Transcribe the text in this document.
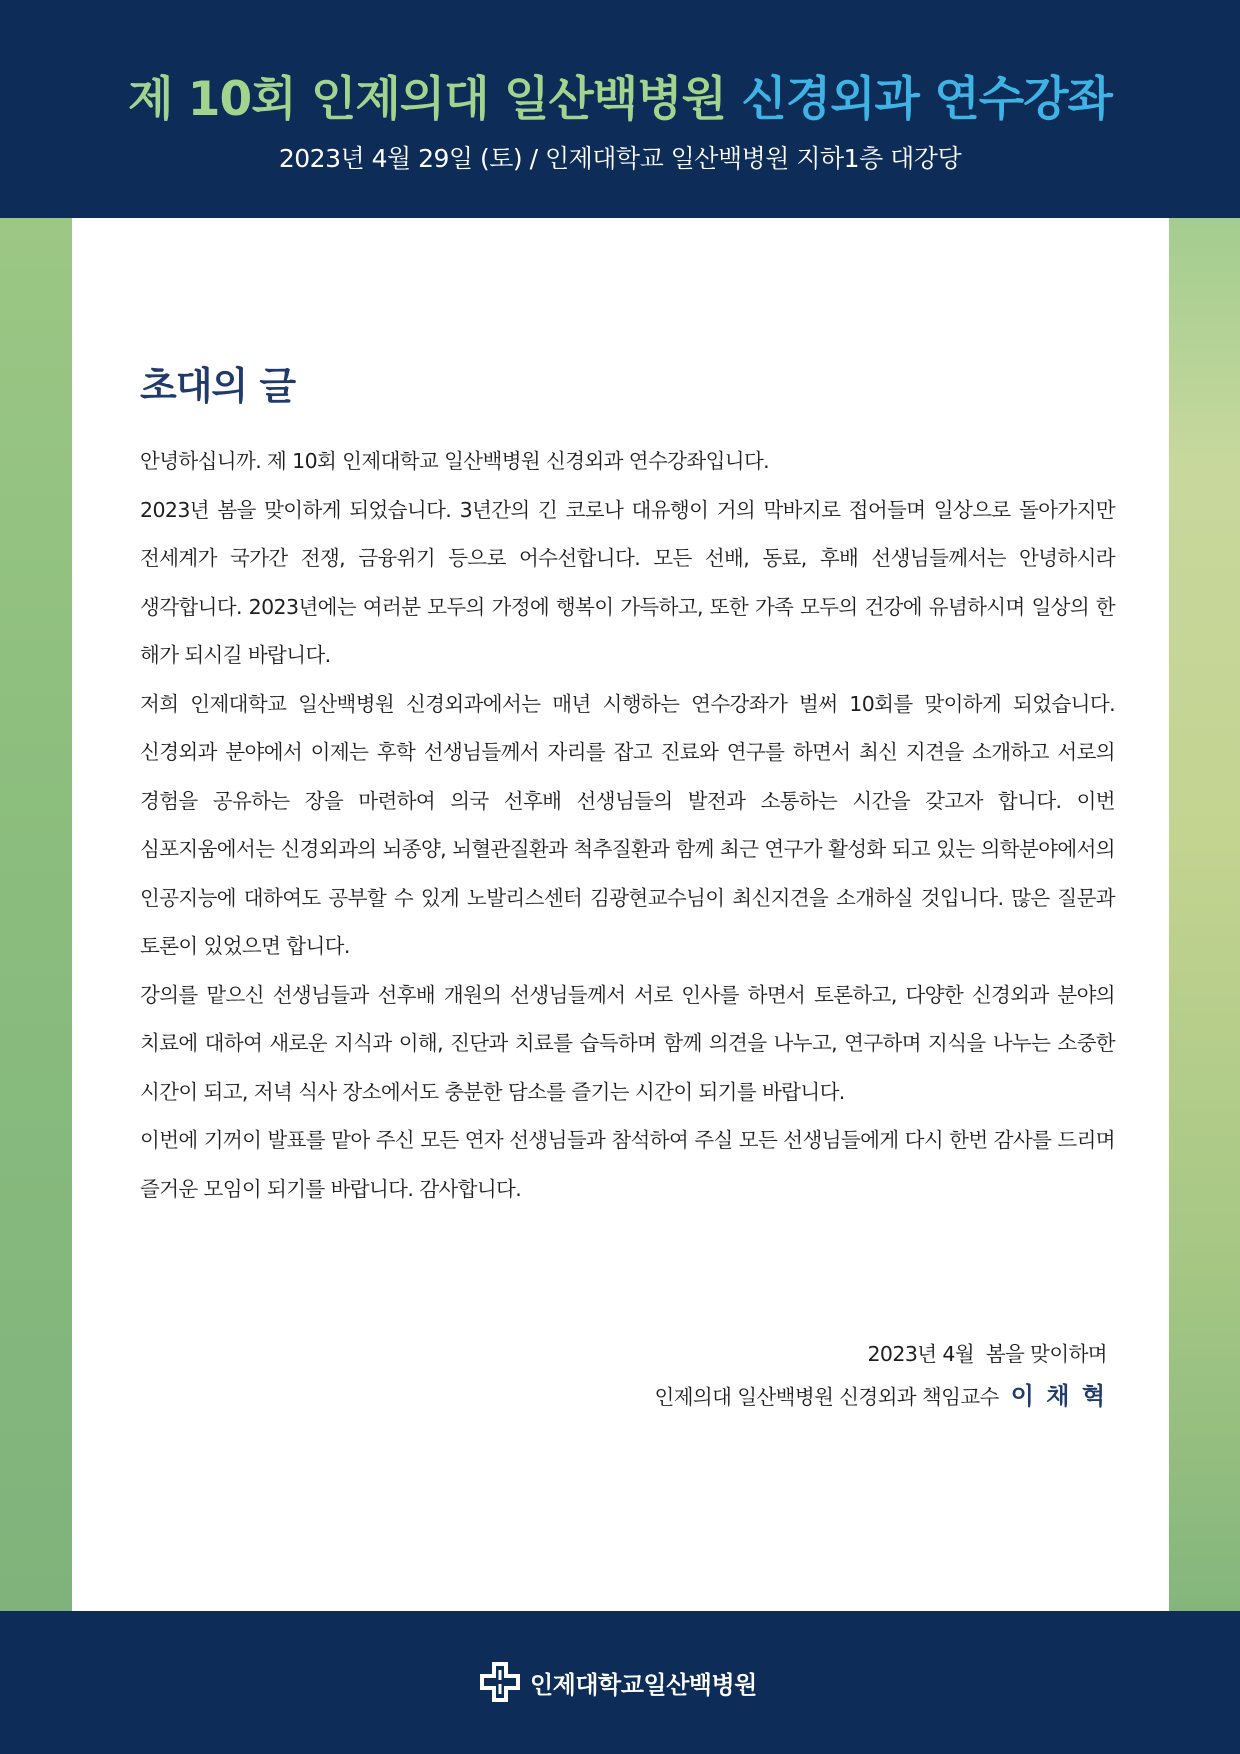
제 10회 인제의대 일산백병원 신경외과 연수강좌
2023년 4월 29일 (토) / 인제대학교 일산백병원 지하1층 대강당
초대의 글

안녕하십니까. 제 10회 인제대학교 일산백병원 신경외과 연수강좌입니다.

2023년 봄을 맞이하게 되었습니다. 3년간의 긴 코로나 대유행이 거의 막바지로 접어들며 일상으로 돌아가지만 전세계가 국가간 전쟁, 금융위기 등으로 어수선합니다. 모든 선배, 동료, 후배 선생님들께서는 안녕하시라 생각합니다. 2023년에는 여러분 모두의 가정에 행복이 가득하고, 또한 가족 모두의 건강에 유념하시며 일상의 한 해가 되시길 바랍니다.

저희 인제대학교 일산백병원 신경외과에서는 매년 시행하는 연수강좌가 벌써 10회를 맞이하게 되었습니다. 신경외과 분야에서 이제는 후학 선생님들께서 자리를 잡고 진료와 연구를 하면서 최신 지견을 소개하고 서로의 경험을 공유하는 장을 마련하여 의국 선후배 선생님들의 발전과 소통하는 시간을 갖고자 합니다. 이번 심포지움에서는 신경외과의 뇌종양, 뇌혈관질환과 척추질환과 함께 최근 연구가 활성화 되고 있는 의학분야에서의 인공지능에 대하여도 공부할 수 있게 노발리스센터 김광현교수님이 최신지견을 소개하실 것입니다. 많은 질문과 토론이 있었으면 합니다.

강의를 맡으신 선생님들과 선후배 개원의 선생님들께서 서로 인사를 하면서 토론하고, 다양한 신경외과 분야의 치료에 대하여 새로운 지식과 이해, 진단과 치료를 습득하며 함께 의견을 나누고, 연구하며 지식을 나누는 소중한 시간이 되고, 저녁 식사 장소에서도 충분한 담소를 즐기는 시간이 되기를 바랍니다.

이번에 기꺼이 발표를 맡아 주신 모든 연자 선생님들과 참석하여 주실 모든 선생님들에게 다시 한번 감사를 드리며 즐거운 모임이 되기를 바랍니다. 감사합니다.

2023년 4월  봄을 맞이하며
인제의대 일산백병원 신경외과 책임교수 이 채 혁
인제대학교일산백병원
